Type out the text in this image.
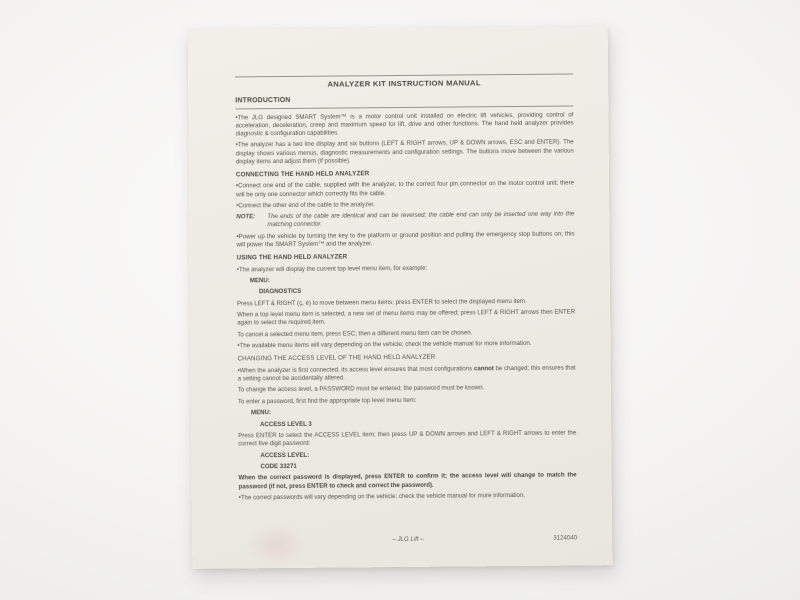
ANALYZER KIT INSTRUCTION MANUAL
INTRODUCTION

•The JLG designed SMART System™ is a motor control unit installed on electric lift vehicles, providing control of acceleration, deceleration, creep and maximum speed for lift, drive and other functions. The hand held analyzer provides diagnostic & configuration capabilities.

•The analyzer has a two line display and six buttons (LEFT & RIGHT arrows, UP & DOWN arrows, ESC and ENTER). The display shows various menus, diagnostic measurements and configuration settings. The buttons move between the various display items and adjust them (if possible).

CONNECTING THE HAND HELD ANALYZER

•Connect one end of the cable, supplied with the analyzer, to the correct four pin connector on the motor control unit; there will be only one connector which correctly fits the cable.

•Connect the other end of the cable to the analyzer.

NOTE: The ends of the cable are identical and can be reversed; the cable end can only be inserted one way into the matching connector.

•Power up the vehicle by turning the key to the platform or ground position and pulling the emergency stop buttons on; this will power the SMART System™ and the analyzer.

USING THE HAND HELD ANALYZER

•The analyzer will display the current top level menu item, for example:

MENU:

DIAGNOSTICS

Press LEFT & RIGHT (ç, è) to move between menu items; press ENTER to select the displayed menu item.

When a top level menu item is selected, a new set of menu items may be offered; press LEFT & RIGHT arrows then ENTER again to select the required item.

To cancel a selected menu item, press ESC; then a different menu item can be chosen.

•The available menu items will vary depending on the vehicle; check the vehicle manual for more information.

CHANGING THE ACCESS LEVEL OF THE HAND HELD ANALYZER

•When the analyzer is first connected, its access level ensures that most configurations cannot be changed; this ensures that a setting cannot be accidentally altered.

To change the access level, a PASSWORD must be entered; the password must be known.

To enter a password, first find the appropriate top level menu item:

MENU:

ACCESS LEVEL 3

Press ENTER to select the ACCESS LEVEL item; then press UP & DOWN arrows and LEFT & RIGHT arrows to enter the correct five digit password:

ACCESS LEVEL:

CODE 33271

When the correct password is displayed, press ENTER to confirm it; the access level will change to match the password (if not, press ENTER to check and correct the password).

•The correct passwords will vary depending on the vehicle; check the vehicle manual for more information.

– JLG Lift –	3124040
